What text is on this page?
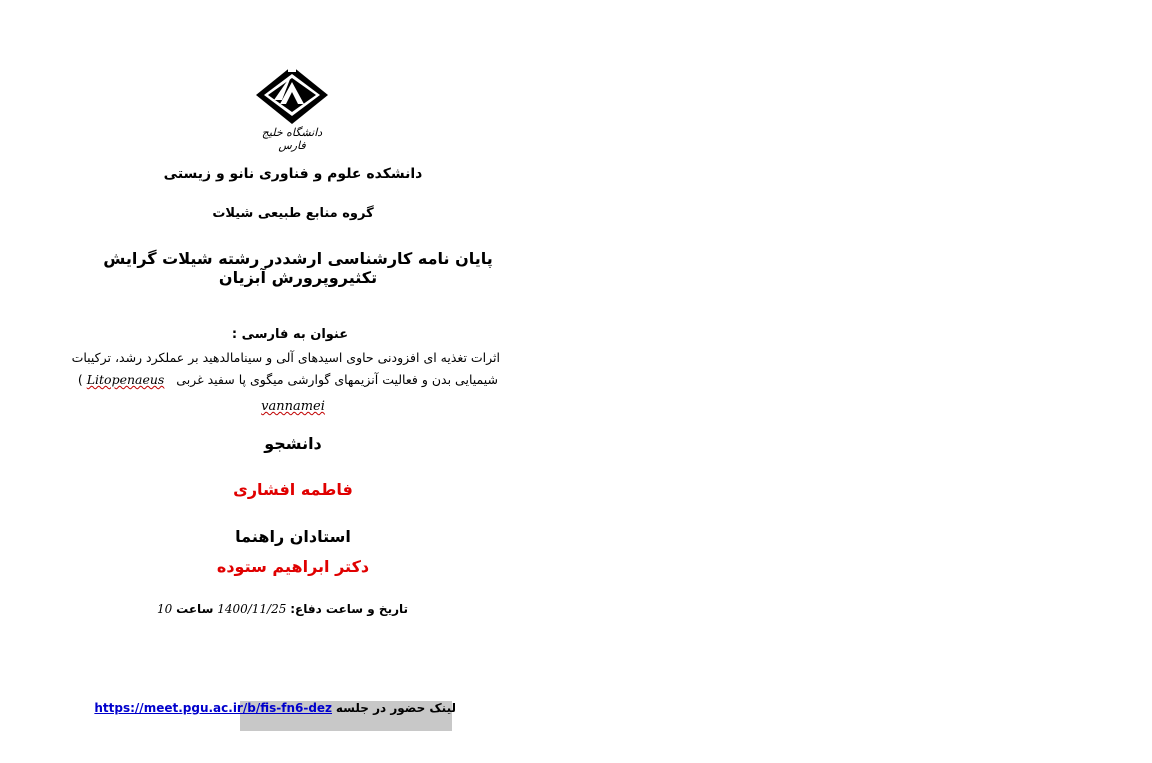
دانشگاه خلیج فارس
دانشکده علوم و فناوری نانو و زیستی
گروه منابع طبیعی شیلات
پایان نامه کارشناسی ارشددر رشته شیلات گرایش تکثیروپرورش آبزیان
عنوان به فارسی :
اثرات تغذیه ای افزودنی حاوی اسیدهای آلی و سینامالدهید بر عملکرد رشد، ترکیبات
شیمیایی بدن و فعالیت آنزیمهای گوارشی میگوی پا سفید غربی   Litopenaeus )
vannamei
دانشجو
فاطمه افشاری
استادان راهنما
دکتر ابراهیم ستوده
تاریخ و ساعت دفاع: 1400/11/25 ساعت 10
لینک حضور در جلسه https://meet.pgu.ac.ir/b/fis-fn6-dez
